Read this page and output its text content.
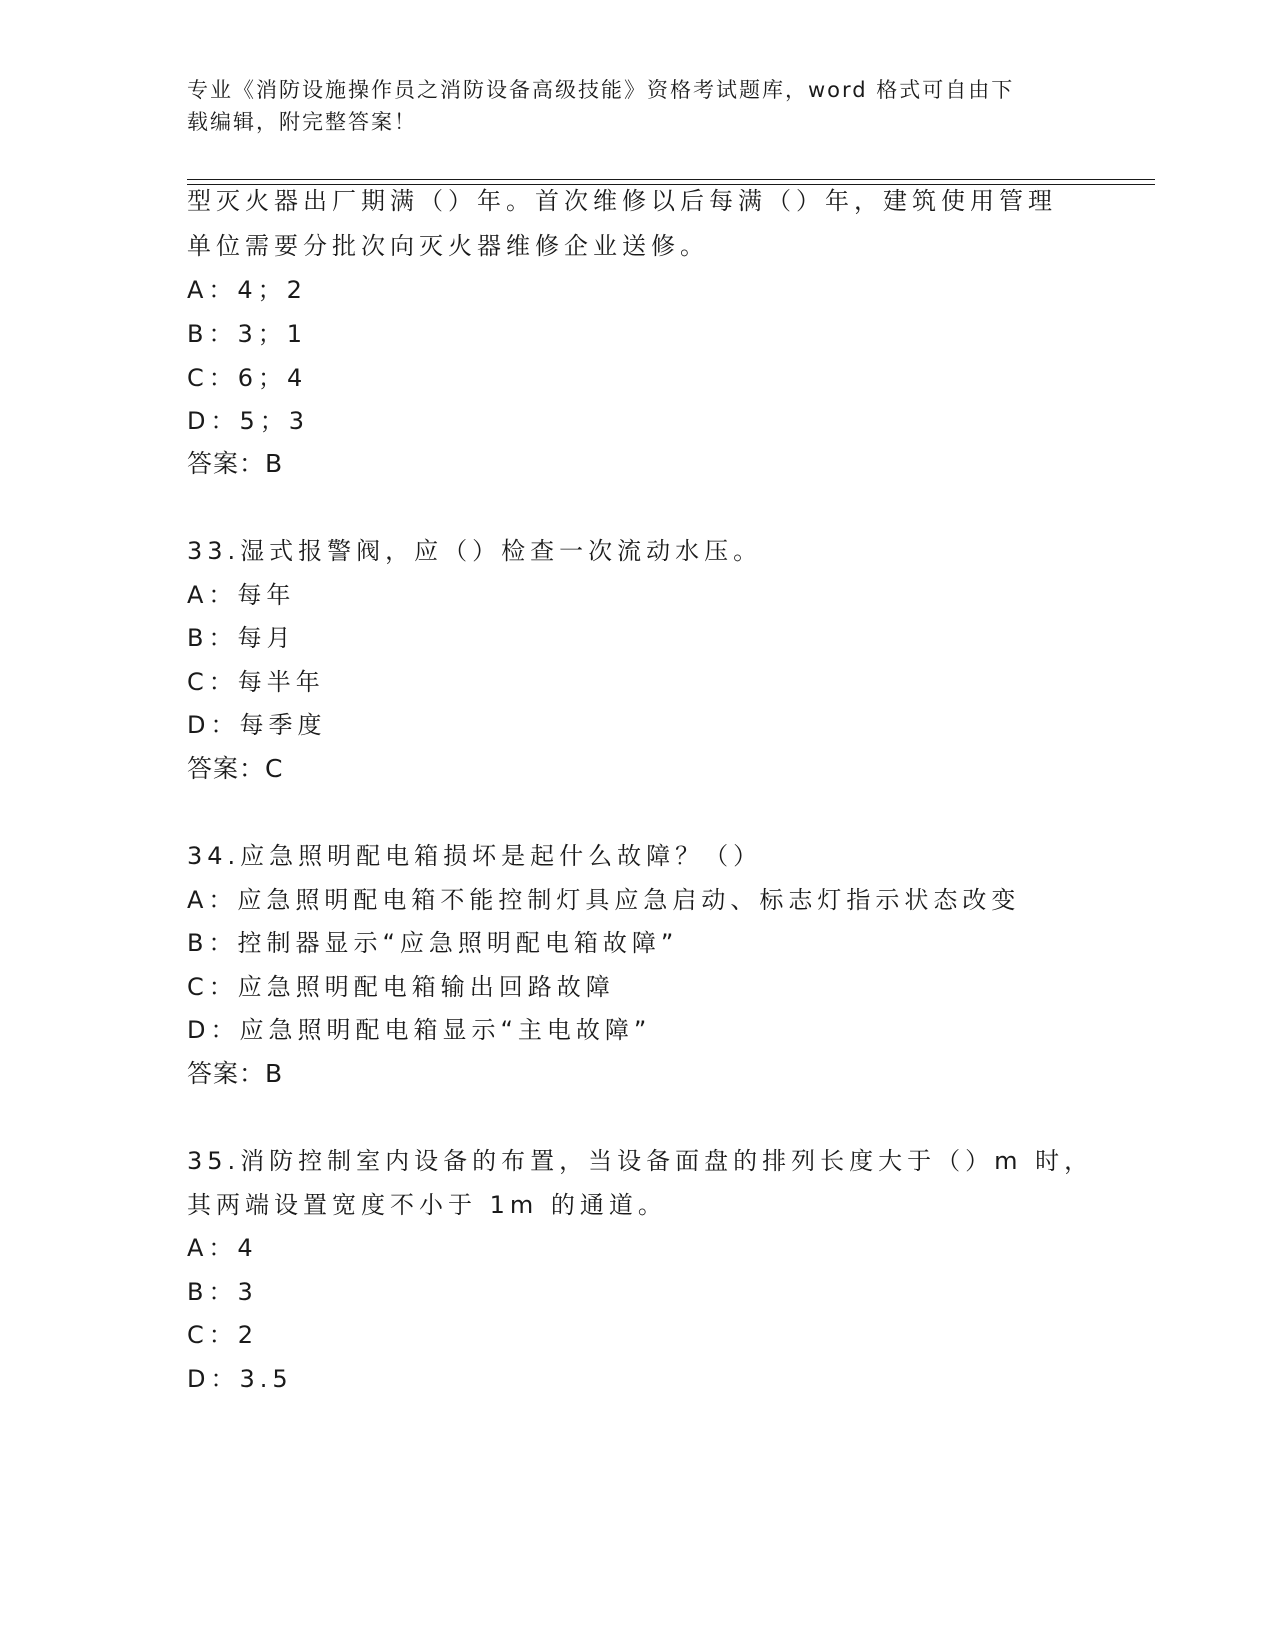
专业《消防设施操作员之消防设备高级技能》资格考试题库，word 格式可自由下
载编辑，附完整答案！
型灭火器出厂期满（）年。首次维修以后每满（）年，建筑使用管理
单位需要分批次向灭火器维修企业送修。
A：4；2
B：3；1
C：6；4
D：5；3
答案：B
33.湿式报警阀，应（）检查一次流动水压。
A：每年
B：每月
C：每半年
D：每季度
答案：C
34.应急照明配电箱损坏是起什么故障？（）
A：应急照明配电箱不能控制灯具应急启动、标志灯指示状态改变
B：控制器显示“应急照明配电箱故障”
C：应急照明配电箱输出回路故障
D：应急照明配电箱显示“主电故障”
答案：B
35.消防控制室内设备的布置，当设备面盘的排列长度大于（）m 时，
其两端设置宽度不小于 1m 的通道。
A：4
B：3
C：2
D：3.5
